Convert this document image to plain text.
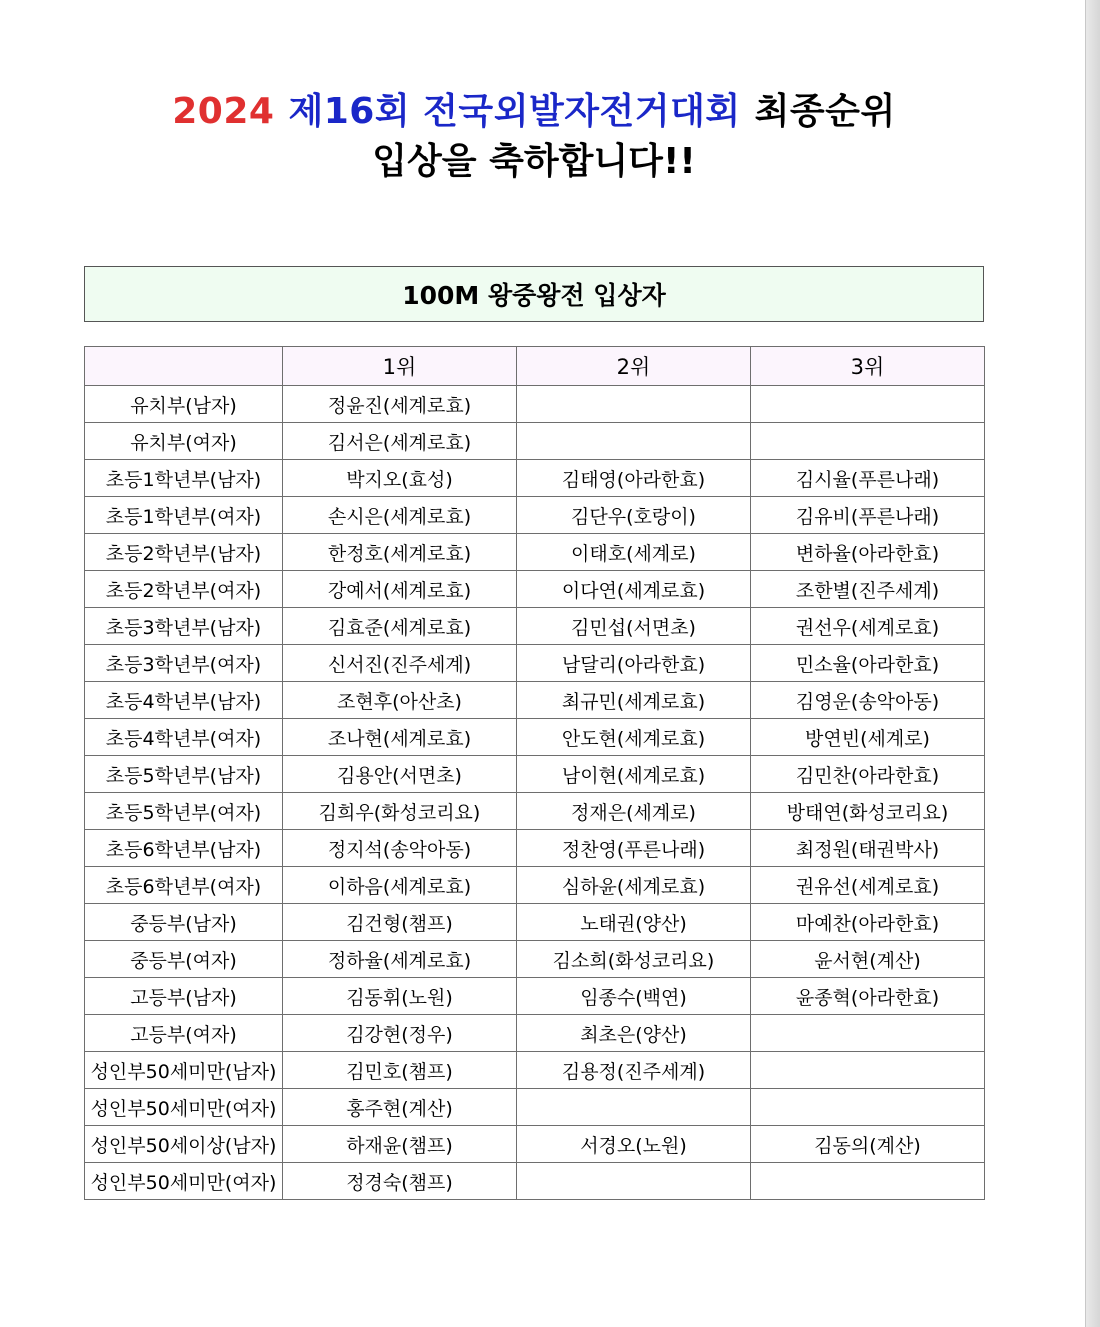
2024 제16회 전국외발자전거대회 최종순위
입상을 축하합니다!!
100M 왕중왕전 입상자
	1위	2위	3위
유치부(남자)	정윤진(세계로효)		
유치부(여자)	김서은(세계로효)		
초등1학년부(남자)	박지오(효성)	김태영(아라한효)	김시율(푸른나래)
초등1학년부(여자)	손시은(세계로효)	김단우(호랑이)	김유비(푸른나래)
초등2학년부(남자)	한정호(세계로효)	이태호(세계로)	변하율(아라한효)
초등2학년부(여자)	강예서(세계로효)	이다연(세계로효)	조한별(진주세계)
초등3학년부(남자)	김효준(세계로효)	김민섭(서면초)	권선우(세계로효)
초등3학년부(여자)	신서진(진주세계)	남달리(아라한효)	민소율(아라한효)
초등4학년부(남자)	조현후(아산초)	최규민(세계로효)	김영운(송악아동)
초등4학년부(여자)	조나현(세계로효)	안도현(세계로효)	방연빈(세계로)
초등5학년부(남자)	김용안(서면초)	남이현(세계로효)	김민찬(아라한효)
초등5학년부(여자)	김희우(화성코리요)	정재은(세계로)	방태연(화성코리요)
초등6학년부(남자)	정지석(송악아동)	정찬영(푸른나래)	최정원(태권박사)
초등6학년부(여자)	이하음(세계로효)	심하윤(세계로효)	권유선(세계로효)
중등부(남자)	김건형(챔프)	노태권(양산)	마예찬(아라한효)
중등부(여자)	정하율(세계로효)	김소희(화성코리요)	윤서현(계산)
고등부(남자)	김동휘(노원)	임종수(백연)	윤종혁(아라한효)
고등부(여자)	김강현(정우)	최초은(양산)	
성인부50세미만(남자)	김민호(챔프)	김용정(진주세계)	
성인부50세미만(여자)	홍주현(계산)		
성인부50세이상(남자)	하재윤(챔프)	서경오(노원)	김동의(계산)
성인부50세미만(여자)	정경숙(챔프)		
